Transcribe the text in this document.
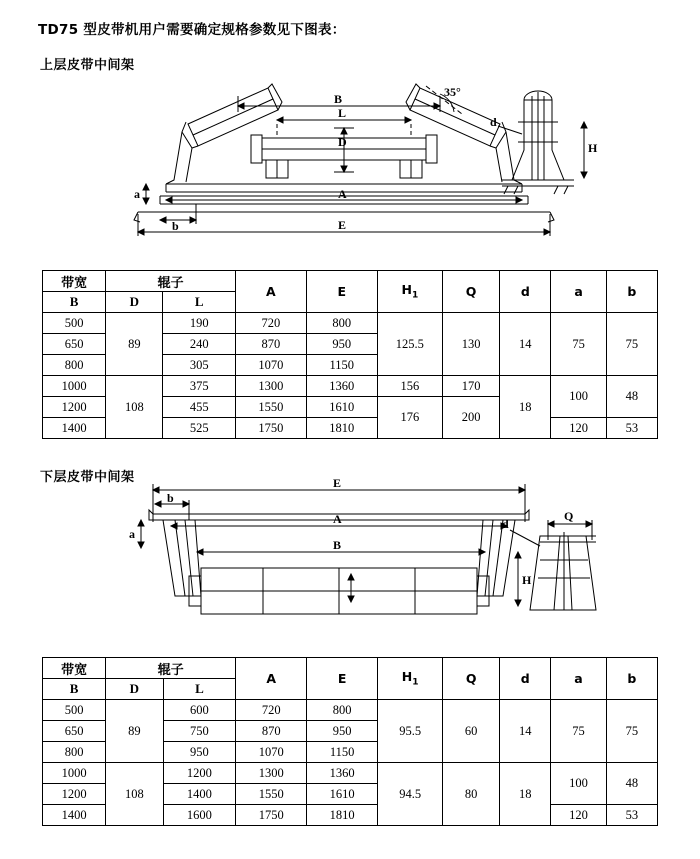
TD75 型皮带机用户需要确定规格参数见下图表：
上层皮带中间架
B
L
D
A
E
a
b
35°
d
H
带宽	辊子		A	E	$H_1$	Q	d	a	b
B	D	L							
500	89	190	720	800	125.5	130	14	75	75
650		240	870	950					
800		305	1070	1150					
1000	108	375	1300	1360	156	170	18	100	48
1200		455	1550	1610	176	200			
1400		525	1750	1810				120	53
下层皮带中间架	E
A
B
b
a
d
Q
H
带宽	辊子		A	E	$H_1$	Q	d	a	b
B	D	L							
500	89	600	720	800	95.5	60	14	75	75
650		750	870	950					
800		950	1070	1150					
1000	108	1200	1300	1360	94.5	80	18	100	48
1200		1400	1550	1610					
1400		1600	1750	1810				120	53
